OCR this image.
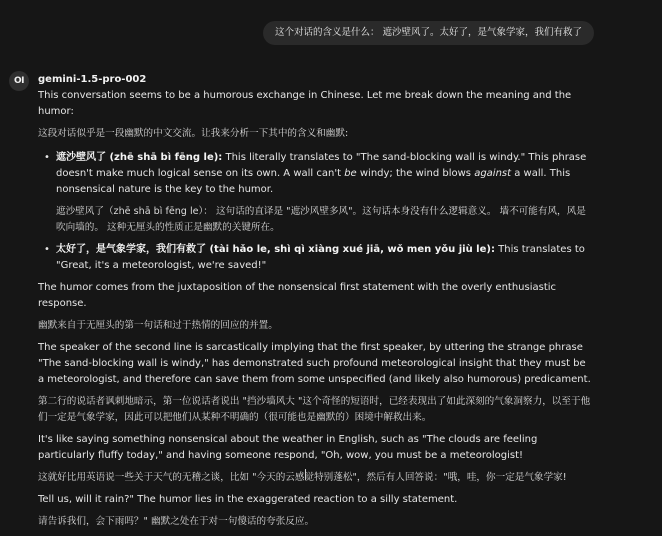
这个对话的含义是什么： 遮沙壁风了。太好了，是气象学家，我们有救了
OI	gemini-1.5-pro-002

This conversation seems to be a humorous exchange in Chinese. Let me break down the meaning and the humor:

这段对话似乎是一段幽默的中文交流。让我来分析一下其中的含义和幽默:

• 遮沙壁风了 (zhē shā bì fēng le): This literally translates to "The sand-blocking wall is windy." This phrase doesn't make much logical sense on its own. A wall can't be windy; the wind blows against a wall. This nonsensical nature is the key to the humor.
遮沙壁风了（zhē shā bì fēng le）： 这句话的直译是 "遮沙风壁多风"。这句话本身没有什么逻辑意义。 墙不可能有风，风是吹向墙的。 这种无厘头的性质正是幽默的关键所在。
• 太好了，是气象学家，我们有救了 (tài hǎo le, shì qì xiàng xué jiā, wǒ men yǒu jiù le): This translates to "Great, it's a meteorologist, we're saved!"

The humor comes from the juxtaposition of the nonsensical first statement with the overly enthusiastic response.

幽默来自于无厘头的第一句话和过于热情的回应的并置。

The speaker of the second line is sarcastically implying that the first speaker, by uttering the strange phrase "The sand-blocking wall is windy," has demonstrated such profound meteorological insight that they must be a meteorologist, and therefore can save them from some unspecified (and likely also humorous) predicament.

第二行的说话者讽刺地暗示，第一位说话者说出 "挡沙墙风大 "这个奇怪的短语时，已经表现出了如此深刻的气象洞察力，以至于他们一定是气象学家，因此可以把他们从某种不明确的（很可能也是幽默的）困境中解救出来。

It's like saying something nonsensical about the weather in English, such as "The clouds are feeling particularly fluffy today," and having someone respond, "Oh, wow, you must be a meteorologist!

这就好比用英语说一些关于天气的无稽之谈，比如 "今天的云感觉特别蓬松"，然后有人回答说："哦，哇，你一定是气象学家!

Tell us, will it rain?" The humor lies in the exaggerated reaction to a silly statement.

请告诉我们，会下雨吗？" 幽默之处在于对一句傻话的夸张反应。
